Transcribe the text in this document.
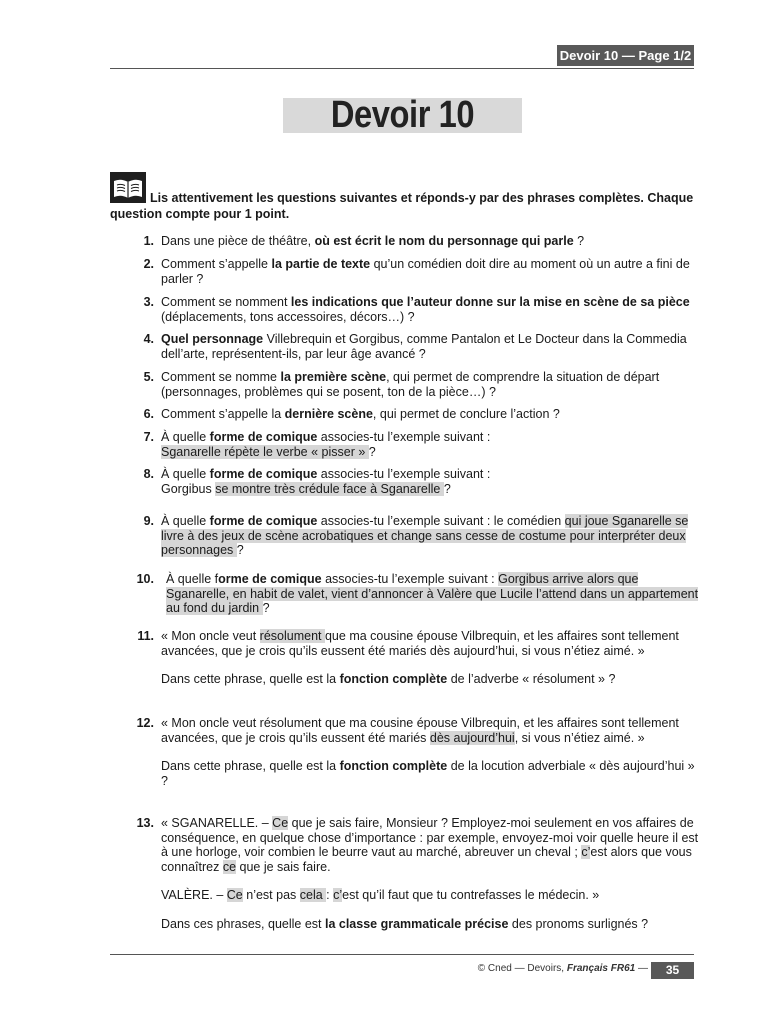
Devoir 10 — Page 1/2
Devoir 10
Lis attentivement les questions suivantes et réponds-y par des phrases complètes. Chaque question compte pour 1 point.
1. Dans une pièce de théâtre, où est écrit le nom du personnage qui parle ?
2. Comment s’appelle la partie de texte qu’un comédien doit dire au moment où un autre a fini de parler ?
3. Comment se nomment les indications que l’auteur donne sur la mise en scène de sa pièce (déplacements, tons accessoires, décors…) ?
4. Quel personnage Villebrequin et Gorgibus, comme Pantalon et Le Docteur dans la Commedia dell’arte, représentent-ils, par leur âge avancé ?
5. Comment se nomme la première scène, qui permet de comprendre la situation de départ (personnages, problèmes qui se posent, ton de la pièce…) ?
6. Comment s’appelle la dernière scène, qui permet de conclure l’action ?
7. À quelle forme de comique associes-tu l’exemple suivant :
Sganarelle répète le verbe « pisser » ?
8. À quelle forme de comique associes-tu l’exemple suivant :
Gorgibus se montre très crédule face à Sganarelle ?
9. À quelle forme de comique associes-tu l’exemple suivant : le comédien qui joue Sganarelle se livre à des jeux de scène acrobatiques et change sans cesse de costume pour interpréter deux personnages ?
10. À quelle forme de comique associes-tu l’exemple suivant : Gorgibus arrive alors que Sganarelle, en habit de valet, vient d’annoncer à Valère que Lucile l’attend dans un appartement au fond du jardin ?
11. « Mon oncle veut résolument que ma cousine épouse Vilbrequin, et les affaires sont tellement avancées, que je crois qu’ils eussent été mariés dès aujourd’hui, si vous n’étiez aimé. »

Dans cette phrase, quelle est la fonction complète de l’adverbe « résolument » ?

12. « Mon oncle veut résolument que ma cousine épouse Vilbrequin, et les affaires sont tellement avancées, que je crois qu’ils eussent été mariés dès aujourd’hui, si vous n’étiez aimé. »

Dans cette phrase, quelle est la fonction complète de la locution adverbiale « dès aujourd’hui » ?

13. « SGANARELLE. – Ce que je sais faire, Monsieur ? Employez-moi seulement en vos affaires de conséquence, en quelque chose d’importance : par exemple, envoyez-moi voir quelle heure il est à une horloge, voir combien le beurre vaut au marché, abreuver un cheval ; c’est alors que vous connaîtrez ce que je sais faire.

VALÈRE. – Ce n’est pas cela : c’est qu’il faut que tu contrefasses le médecin. »

Dans ces phrases, quelle est la classe grammaticale précise des pronoms surlignés ?

© Cned — Devoirs, Français FR61 —	35
